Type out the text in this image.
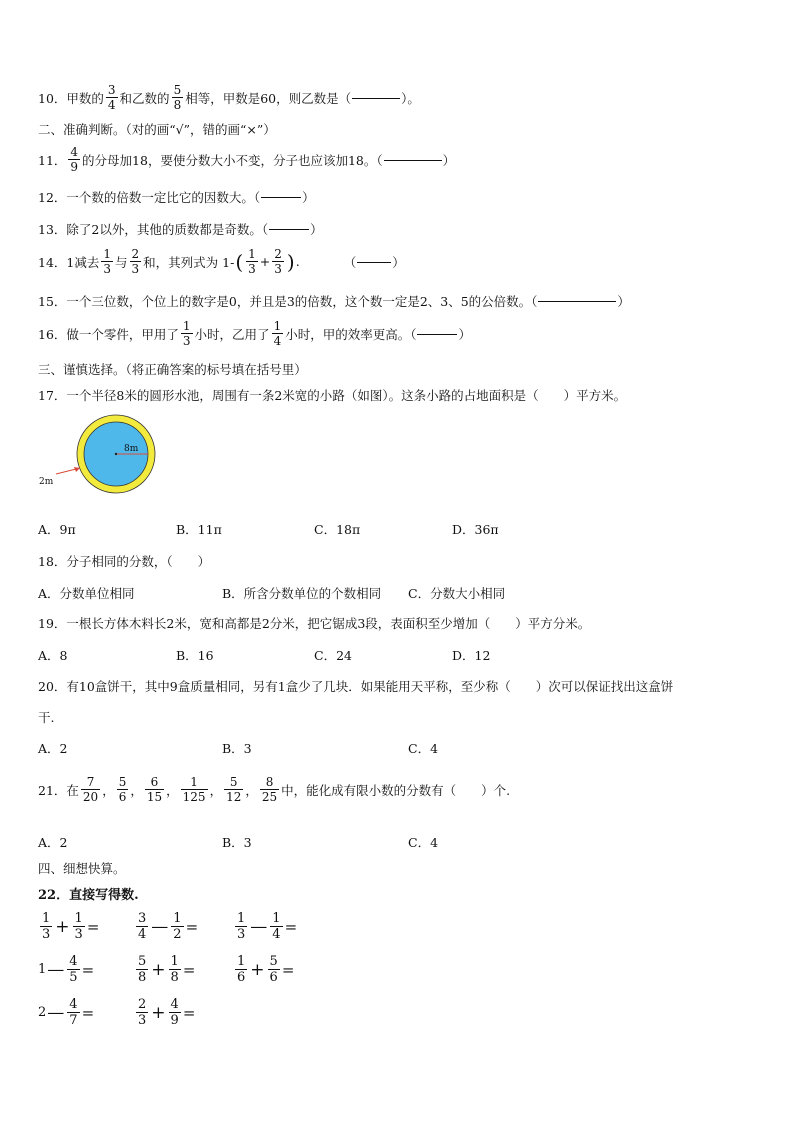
10．甲数的 $\frac{3}{4}$ 和乙数的 $\frac{5}{8}$ 相等，甲数是60，则乙数是（	）。
二、准确判断。（对的画“√”，错的画“×”）
11． $\frac{4}{9}$ 的分母加18，要使分数大小不变，分子也应该加18。（	）
12．一个数的倍数一定比它的因数大。（	）
13．除了2以外，其他的质数都是奇数。（	）
14．1减去 $\frac{1}{3}$ 与 $\frac{2}{3}$ 和，其列式为 1- ( $\frac{1}{3} + \frac{2}{3}$ ) .	（	）
15．一个三位数，个位上的数字是0，并且是3的倍数，这个数一定是2、3、5的公倍数。（	）
16．做一个零件，甲用了 $\frac{1}{3}$ 小时，乙用了 $\frac{1}{4}$ 小时，甲的效率更高。（	）
三、谨慎选择。（将正确答案的标号填在括号里）
17．一个半径8米的圆形水池，周围有一条2米宽的小路（如图）。这条小路的占地面积是（　　）平方米。
8m
2m
A．9π	B．11π	C．18π	D．36π
18．分子相同的分数，（　　）
A．分数单位相同	B．所含分数单位的个数相同 C．分数大小相同
19．一根长方体木料长2米，宽和高都是2分米，把它锯成3段，表面积至少增加（　　）平方分米。
A．8	B．16	C．24	D．12
20．有10盒饼干，其中9盒质量相同，另有1盒少了几块．如果能用天平称，至少称（　　）次可以保证找出这盒饼
干.
A．2	B．3	C．4
21．在 $\frac{7}{20}$ ， $\frac{5}{6}$ ， $\frac{6}{15}$ ， $\frac{1}{125}$ ， $\frac{5}{12}$ ， $\frac{8}{25}$ 中，能化成有限小数的分数有（　　）个.
A．2	B．3	C．4
四、细想快算。
22．直接写得数.
$\frac{1}{3} + \frac{1}{3}$ =	$\frac{3}{4}$ — $\frac{1}{2}$ =	$\frac{1}{3}$ — $\frac{1}{4}$ =
1 — $\frac{4}{5}$ =	$\frac{5}{8} + \frac{1}{8}$ =	$\frac{1}{6} + \frac{5}{6}$ =
2 — $\frac{4}{7}$ =	$\frac{2}{3} + \frac{4}{9}$ =
